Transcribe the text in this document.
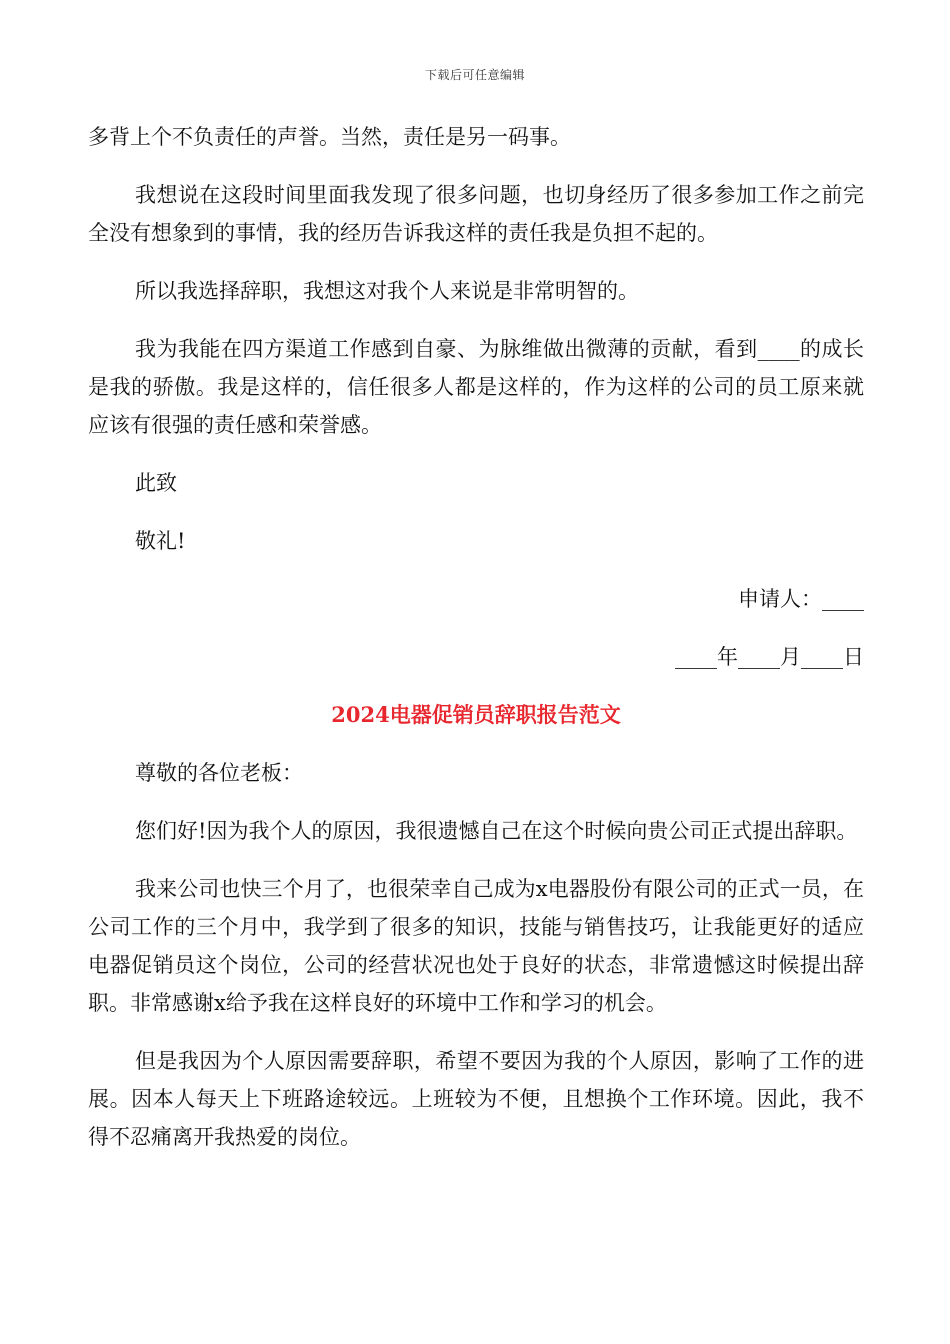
下载后可任意编辑

多背上个不负责任的声誉。当然，责任是另一码事。

我想说在这段时间里面我发现了很多问题，也切身经历了很多参加工作之前完全没有想象到的事情，我的经历告诉我这样的责任我是负担不起的。

所以我选择辞职，我想这对我个人来说是非常明智的。

我为我能在四方渠道工作感到自豪、为脉维做出微薄的贡献，看到____的成长是我的骄傲。我是这样的，信任很多人都是这样的，作为这样的公司的员工原来就应该有很强的责任感和荣誉感。

此致

敬礼!

申请人：____

____年____月____日

2024电器促销员辞职报告范文

尊敬的各位老板：

您们好!因为我个人的原因，我很遗憾自己在这个时候向贵公司正式提出辞职。

我来公司也快三个月了，也很荣幸自己成为x电器股份有限公司的正式一员，在公司工作的三个月中，我学到了很多的知识，技能与销售技巧，让我能更好的适应电器促销员这个岗位，公司的经营状况也处于良好的状态，非常遗憾这时候提出辞职。非常感谢x给予我在这样良好的环境中工作和学习的机会。

但是我因为个人原因需要辞职，希望不要因为我的个人原因，影响了工作的进展。因本人每天上下班路途较远。上班较为不便，且想换个工作环境。因此，我不得不忍痛离开我热爱的岗位。
